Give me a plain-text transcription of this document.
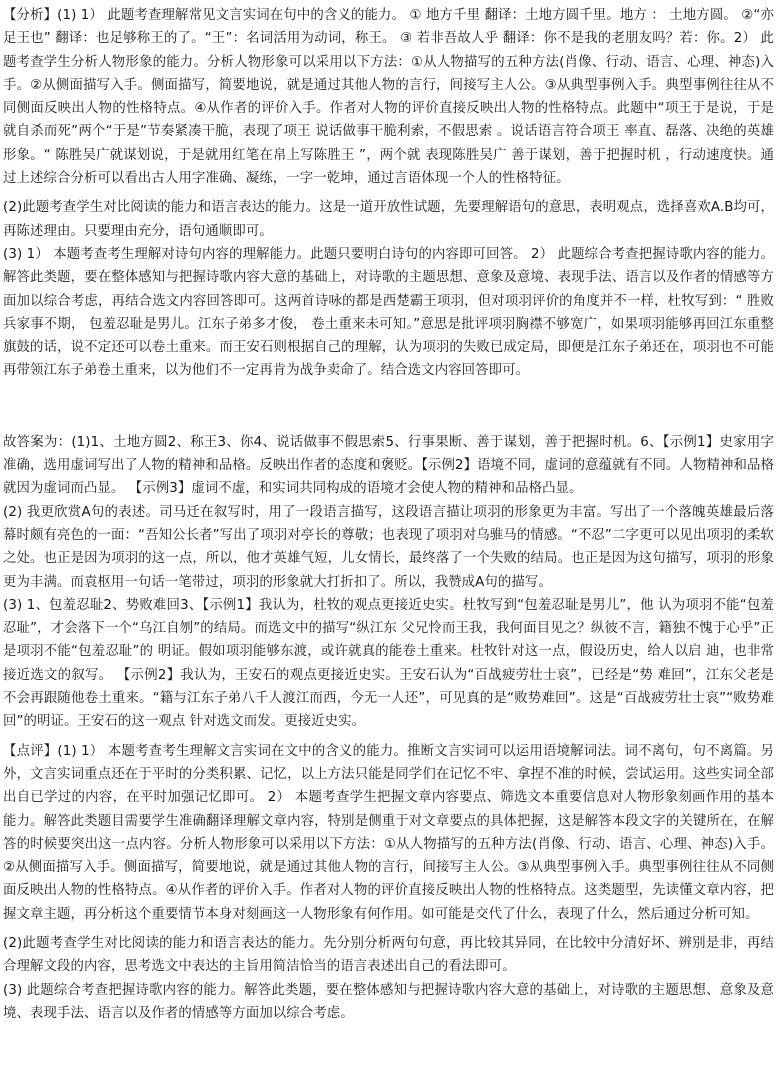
【分析】(1) 1） 此题考查理解常见文言实词在句中的含义的能力。 ① 地方千里 翻译：土地方圆千里。地方 ： 土地方圆。 ②“亦足王也” 翻译：也足够称王的了。“王”：名词活用为动词，称王。 ③ 若非吾故人乎 翻译：你不是我的老朋友吗？若：你。2） 此题考查学生分析人物形象的能力。分析人物形象可以采用以下方法：①从人物描写的五种方法(肖像、行动、语言、心理、神态)入手。②从侧面描写入手。侧面描写，简要地说，就是通过其他人物的言行，间接写主人公。③从典型事例入手。典型事例往往从不同侧面反映出人物的性格特点。④从作者的评价入手。作者对人物的评价直接反映出人物的性格特点。此题中“项王于是说，于是就自杀而死”两个“于是”节奏紧凑干脆，表现了项王 说话做事干脆利索，不假思索 。说话语言符合项王 率直、磊落、决绝的英雄形象。“ 陈胜吴广就谋划说，于是就用红笔在帛上写陈胜王 ”，两个就 表现陈胜吴广 善于谋划，善于把握时机 ，行动速度快。通过上述综合分析可以看出古人用字准确、凝练，一字一乾坤，通过言语体现一个人的性格特征。

(2)此题考查学生对比阅读的能力和语言表达的能力。这是一道开放性试题，先要理解语句的意思，表明观点，选择喜欢A.B均可，再陈述理由。只要理由充分，语句通顺即可。

(3) 1） 本题考查考生理解对诗句内容的理解能力。此题只要明白诗句的内容即可回答。 2） 此题综合考查把握诗歌内容的能力。解答此类题，要在整体感知与把握诗歌内容大意的基础上，对诗歌的主题思想、意象及意境、表现手法、语言以及作者的情感等方面加以综合考虑，再结合选文内容回答即可。这两首诗咏的都是西楚霸王项羽，但对项羽评价的角度并不一样，杜牧写到：“ 胜败兵家事不期， 包羞忍耻是男儿。江东子弟多才俊， 卷土重来未可知。”意思是批评项羽胸襟不够宽广，如果项羽能够再回江东重整旗鼓的话，说不定还可以卷土重来。而王安石则根据自己的理解，认为项羽的失败已成定局，即便是江东子弟还在，项羽也不可能再带领江东子弟卷土重来，以为他们不一定再肯为战争卖命了。结合选文内容回答即可。

故答案为：(1)1、土地方圆2、称王3、你4、说话做事不假思索5、行事果断、善于谋划，善于把握时机。6、【示例1】史家用字准确，选用虚词写出了人物的精神和品格。反映出作者的态度和褒贬。【示例2】语境不同，虚词的意蕴就有不同。人物精神和品格就因为虚词而凸显。 【示例3】虚词不虚，和实词共同构成的语境才会使人物的精神和品格凸显。

(2) 我更欣赏A句的表述。司马迁在叙写时，用了一段语言描写，这段语言描让项羽的形象更为丰富。写出了一个落魄英雄最后落幕时颇有亮色的一面：“吾知公长者”写出了项羽对亭长的尊敬；也表现了项羽对乌骓马的情感。“不忍”二字更可以见出项羽的柔软之处。也正是因为项羽的这一点，所以，他才英雄气短，儿女情长，最终落了一个失败的结局。也正是因为这句描写，项羽的形象更为丰满。而袁枢用一句话一笔带过，项羽的形象就大打折扣了。所以，我赞成A句的描写。

(3) 1、包羞忍耻2、势败难回3、【示例1】我认为，杜牧的观点更接近史实。杜牧写到“包羞忍耻是男儿”，他 认为项羽不能“包羞忍耻”，才会落下一个“乌江自刎”的结局。而选文中的描写“纵江东 父兄怜而王我，我何面目见之？纵彼不言，籍独不愧于心乎”正是项羽不能“包羞忍耻”的 明证。假如项羽能够东渡，或许就真的能卷土重来。杜牧针对这一点，假设历史，给人以启 迪，也非常接近选文的叙写。 【示例2】我认为，王安石的观点更接近史实。王安石认为“百战疲劳壮士哀”，已经是“势 难回”，江东父老是不会再跟随他卷土重来。“籍与江东子弟八千人渡江而西，今无一人还”，可见真的是“败势难回”。这是“百战疲劳壮士哀”“败势难回”的明证。王安石的这一观点 针对选文而发。更接近史实。

【点评】(1) 1） 本题考查考生理解文言实词在文中的含义的能力。推断文言实词可以运用语境解词法。词不离句，句不离篇。另外，文言实词重点还在于平时的分类积累、记忆，以上方法只能是同学们在记忆不牢、拿捏不准的时候，尝试运用。这些实词全部出自已学过的内容，在平时加强记忆即可。 2） 本题考查学生把握文章内容要点、筛选文本重要信息对人物形象刻画作用的基本能力。解答此类题目需要学生准确翻译理解文章内容，特别是侧重于对文章要点的具体把握，这是解答本段文字的关键所在，在解答的时候要突出这一点内容。分析人物形象可以采用以下方法：①从人物描写的五种方法(肖像、行动、语言、心理、神态)入手。②从侧面描写入手。侧面描写，简要地说，就是通过其他人物的言行，间接写主人公。③从典型事例入手。典型事例往往从不同侧面反映出人物的性格特点。④从作者的评价入手。作者对人物的评价直接反映出人物的性格特点。这类题型，先读懂文章内容，把握文章主题，再分析这个重要情节本身对刻画这一人物形象有何作用。如可能是交代了什么，表现了什么，然后通过分析可知。

(2)此题考查学生对比阅读的能力和语言表达的能力。先分别分析两句句意，再比较其异同，在比较中分清好坏、辨别是非，再结合理解文段的内容，思考选文中表达的主旨用简洁恰当的语言表述出自己的看法即可。

(3) 此题综合考查把握诗歌内容的能力。解答此类题，要在整体感知与把握诗歌内容大意的基础上，对诗歌的主题思想、意象及意境、表现手法、语言以及作者的情感等方面加以综合考虑。
